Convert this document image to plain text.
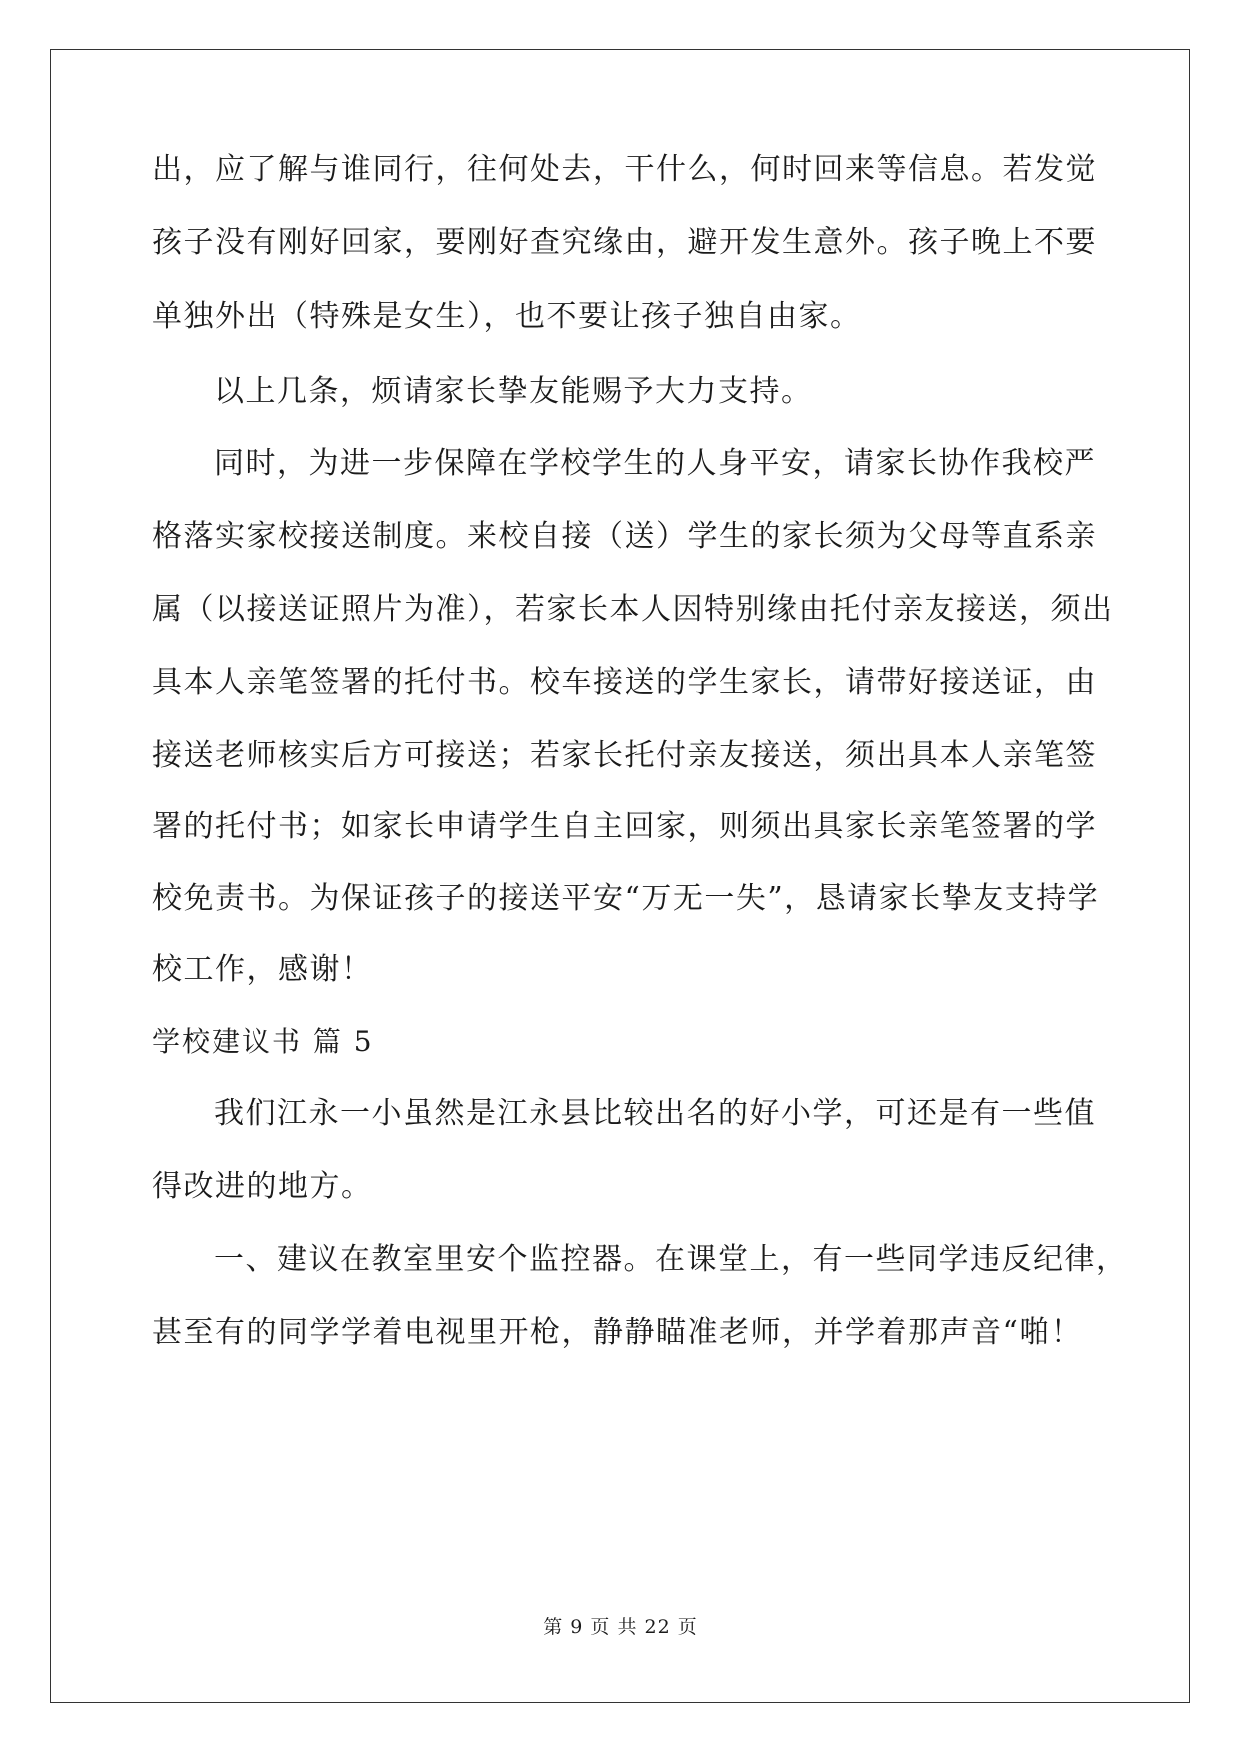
出，应了解与谁同行，往何处去，干什么，何时回来等信息。若发觉
孩子没有刚好回家，要刚好查究缘由，避开发生意外。孩子晚上不要
单独外出（特殊是女生），也不要让孩子独自由家。
以上几条，烦请家长挚友能赐予大力支持。
同时，为进一步保障在学校学生的人身平安，请家长协作我校严
格落实家校接送制度。来校自接（送）学生的家长须为父母等直系亲
属（以接送证照片为准），若家长本人因特别缘由托付亲友接送，须出
具本人亲笔签署的托付书。校车接送的学生家长，请带好接送证，由
接送老师核实后方可接送；若家长托付亲友接送，须出具本人亲笔签
署的托付书；如家长申请学生自主回家，则须出具家长亲笔签署的学
校免责书。为保证孩子的接送平安“万无一失”，恳请家长挚友支持学
校工作，感谢！
学校建议书 篇 5
我们江永一小虽然是江永县比较出名的好小学，可还是有一些值
得改进的地方。
一、建议在教室里安个监控器。在课堂上，有一些同学违反纪律，
甚至有的同学学着电视里开枪，静静瞄准老师，并学着那声音“啪！
第 9 页 共 22 页
